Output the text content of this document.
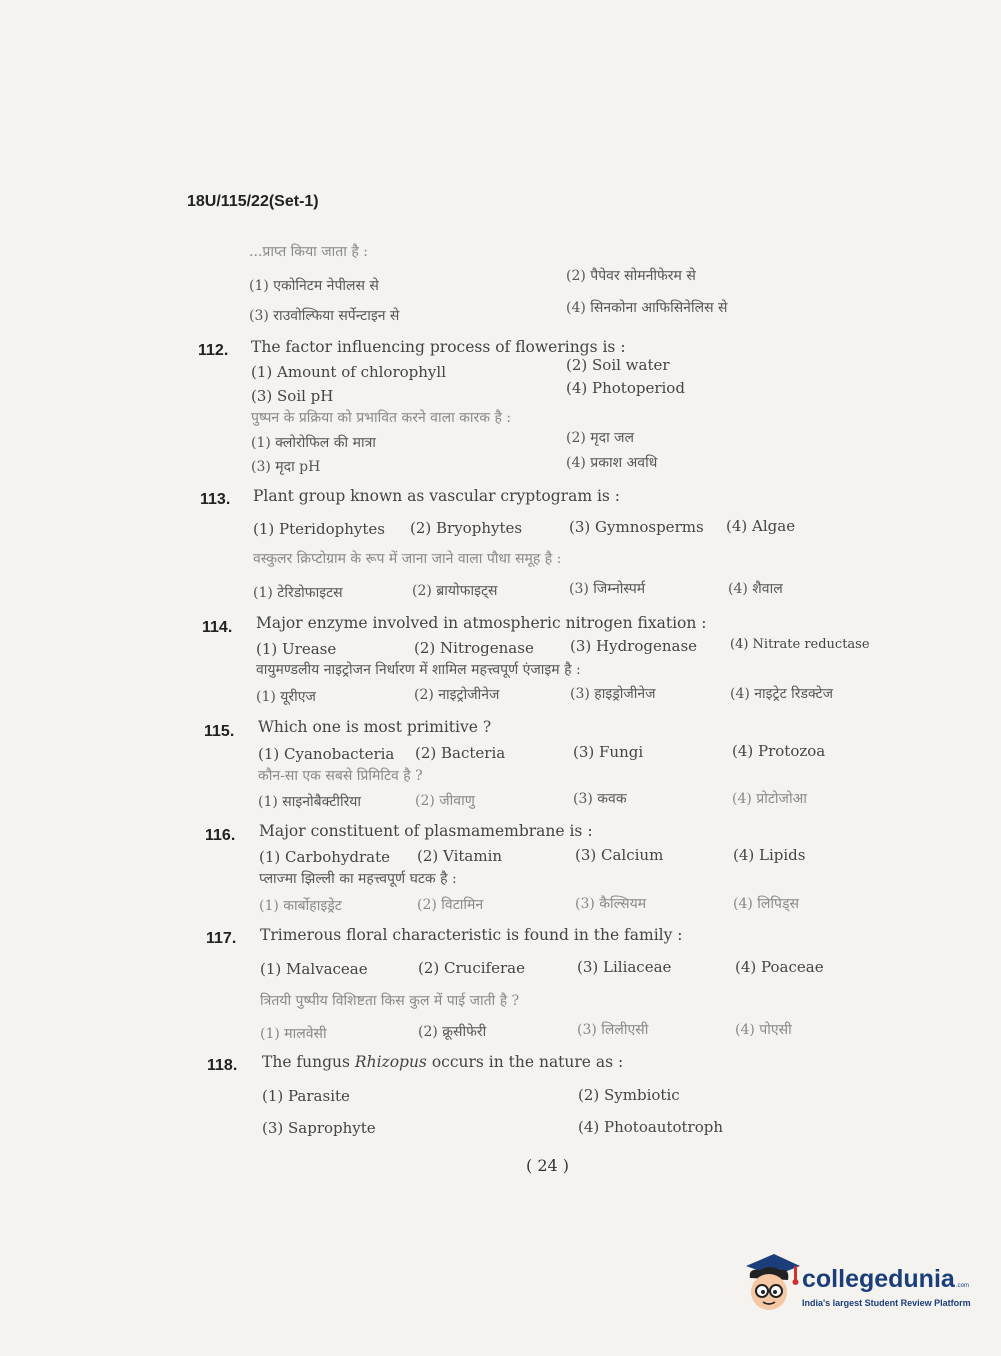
18U/115/22(Set-1)
...प्राप्त किया जाता है :
(1) एकोनिटम नेपीलस से
(2) पैपेवर सोमनीफेरम से
(3) राउवोल्फिया सर्पेन्टाइन से	(4) सिनकोना आफिसिनेलिस से
112. The factor influencing process of flowerings is :
(1) Amount of chlorophyll	(2) Soil water
(3) Soil pH	(4) Photoperiod
पुष्पन के प्रक्रिया को प्रभावित करने वाला कारक है :
(1) क्लोरोफिल की मात्रा	(2) मृदा जल
(3) मृदा pH	(4) प्रकाश अवधि
113. Plant group known as vascular cryptogram is :
(1) Pteridophytes (2) Bryophytes	(3) Gymnosperms (4) Algae
वस्कुलर क्रिप्टोग्राम के रूप में जाना जाने वाला पौधा समूह है :
(1) टेरिडोफाइटस	(2) ब्रायोफाइट्स	(3) जिम्नोस्पर्म	(4) शैवाल
114. Major enzyme involved in atmospheric nitrogen fixation :
(1) Urease	(2) Nitrogenase (3) Hydrogenase	(4) Nitrate reductase
वायुमण्डलीय नाइट्रोजन निर्धारण में शामिल महत्त्वपूर्ण एंजाइम है :
(1) यूरीएज	(2) नाइट्रोजीनेज	(3) हाइड्रोजीनेज	(4) नाइट्रेट रिडक्टेज
115. Which one is most primitive ?
(1) Cyanobacteria (2) Bacteria	(3) Fungi	(4) Protozoa
कौन-सा एक सबसे प्रिमिटिव है ?
(1) साइनोबैक्टीरिया	(2) जीवाणु	(3) कवक	(4) प्रोटोजोआ
116. Major constituent of plasmamembrane is :
(1) Carbohydrate (2) Vitamin	(3) Calcium	(4) Lipids
प्लाज्मा झिल्ली का महत्त्वपूर्ण घटक है :
(1) कार्बोहाइड्रेट	(2) विटामिन	(3) कैल्सियम	(4) लिपिड्स
117. Trimerous floral characteristic is found in the family :
(1) Malvaceae	(2) Cruciferae	(3) Liliaceae	(4) Poaceae
त्रितयी पुष्पीय विशिष्टता किस कुल में पाई जाती है ?
(1) मालवेसी	(2) क्रूसीफेरी	(3) लिलीएसी	(4) पोएसी
118. The fungus Rhizopus occurs in the nature as :
(1) Parasite	(2) Symbiotic
(3) Saprophyte	(4) Photoautotroph
( 24 )
collegedunia .com
India's largest Student Review Platform
